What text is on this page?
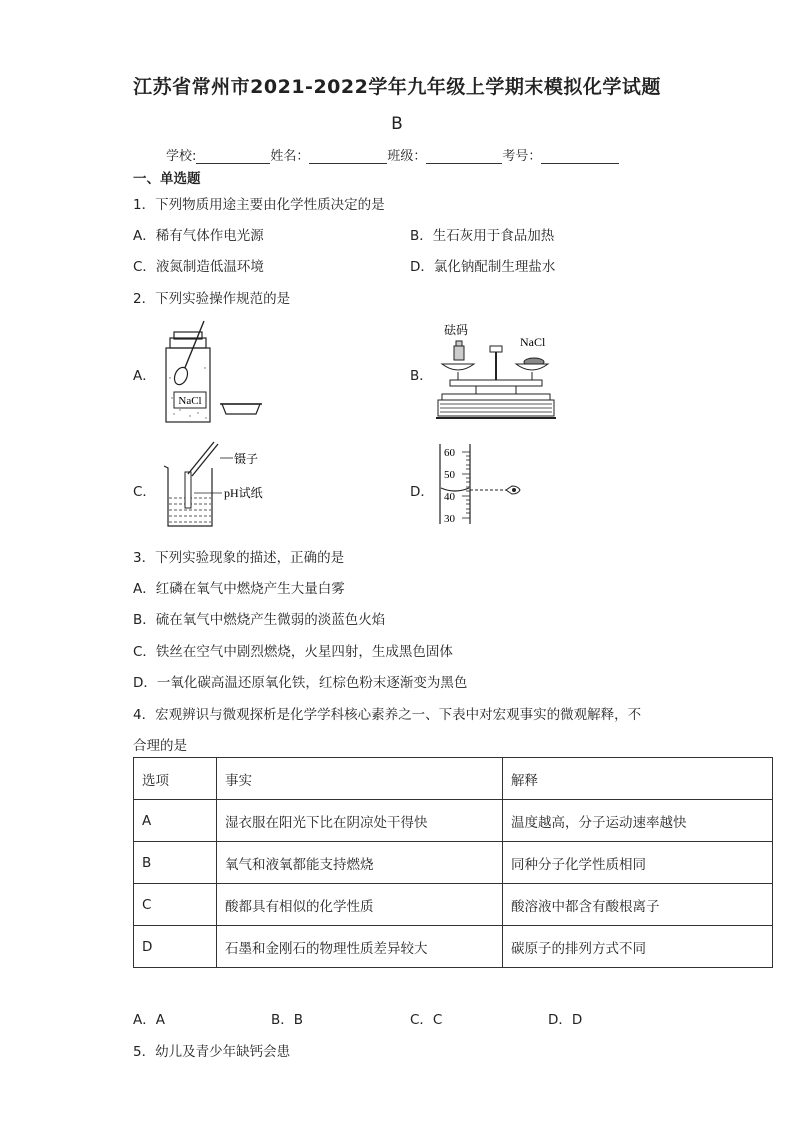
江苏省常州市2021-2022学年九年级上学期末模拟化学试题
B
学校:	姓名：	班级：	考号：
一、单选题
1．下列物质用途主要由化学性质决定的是
A．稀有气体作电光源	B．生石灰用于食品加热
C．液氮制造低温环境	D．氯化钠配制生理盐水
2．下列实验操作规范的是
A．
NaCl
B．
砝码
NaCl
C．
镊子
pH试纸	D．
60
50
40
30
3．下列实验现象的描述，正确的是
A．红磷在氧气中燃烧产生大量白雾
B．硫在氧气中燃烧产生微弱的淡蓝色火焰
C．铁丝在空气中剧烈燃烧，火星四射，生成黑色固体
D．一氧化碳高温还原氧化铁，红棕色粉末逐渐变为黑色
4．宏观辨识与微观探析是化学学科核心素养之一、下表中对宏观事实的微观解释，不
合理的是
选项	事实	解释
A	湿衣服在阳光下比在阴凉处干得快	温度越高，分子运动速率越快
B	氧气和液氧都能支持燃烧	同种分子化学性质相同
C	酸都具有相似的化学性质	酸溶液中都含有酸根离子
D	石墨和金刚石的物理性质差异较大	碳原子的排列方式不同
A．A	B．B	C．C	D．D
5．幼儿及青少年缺钙会患
